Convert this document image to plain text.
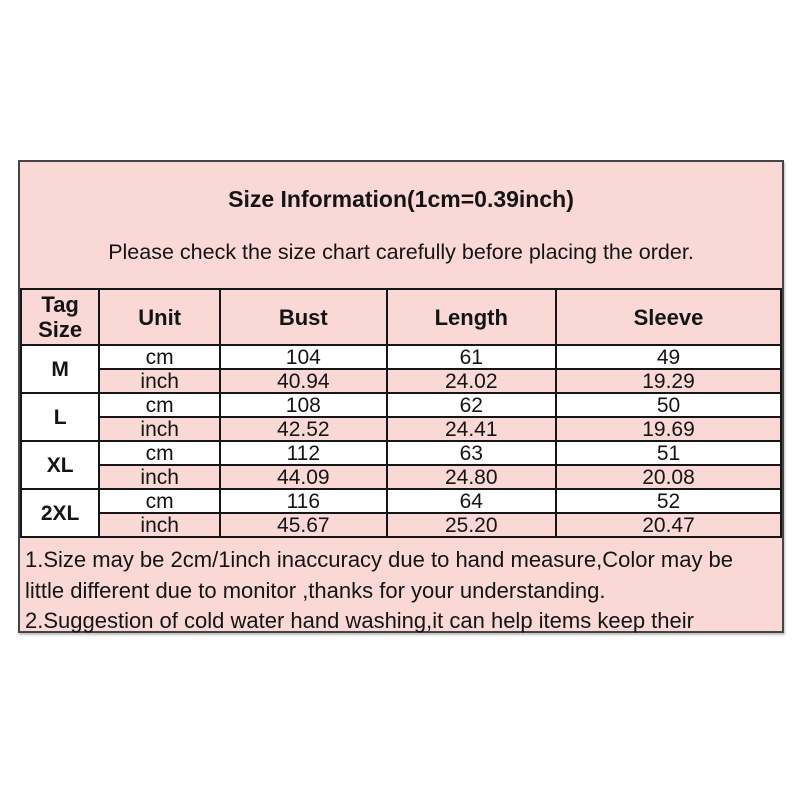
Size Information(1cm=0.39inch)
Please check the size chart carefully before placing the order.
Tag Size	Unit	Bust	Length	Sleeve
M	cm	104	61	49
	inch	40.94	24.02	19.29
L	cm	108	62	50
	inch	42.52	24.41	19.69
XL	cm	112	63	51
	inch	44.09	24.80	20.08
2XL	cm	116	64	52
	inch	45.67	25.20	20.47
1.Size may be 2cm/1inch inaccuracy due to hand measure,Color may be
little different due to monitor ,thanks for your understanding.
2.Suggestion of cold water hand washing,it can help items keep their
